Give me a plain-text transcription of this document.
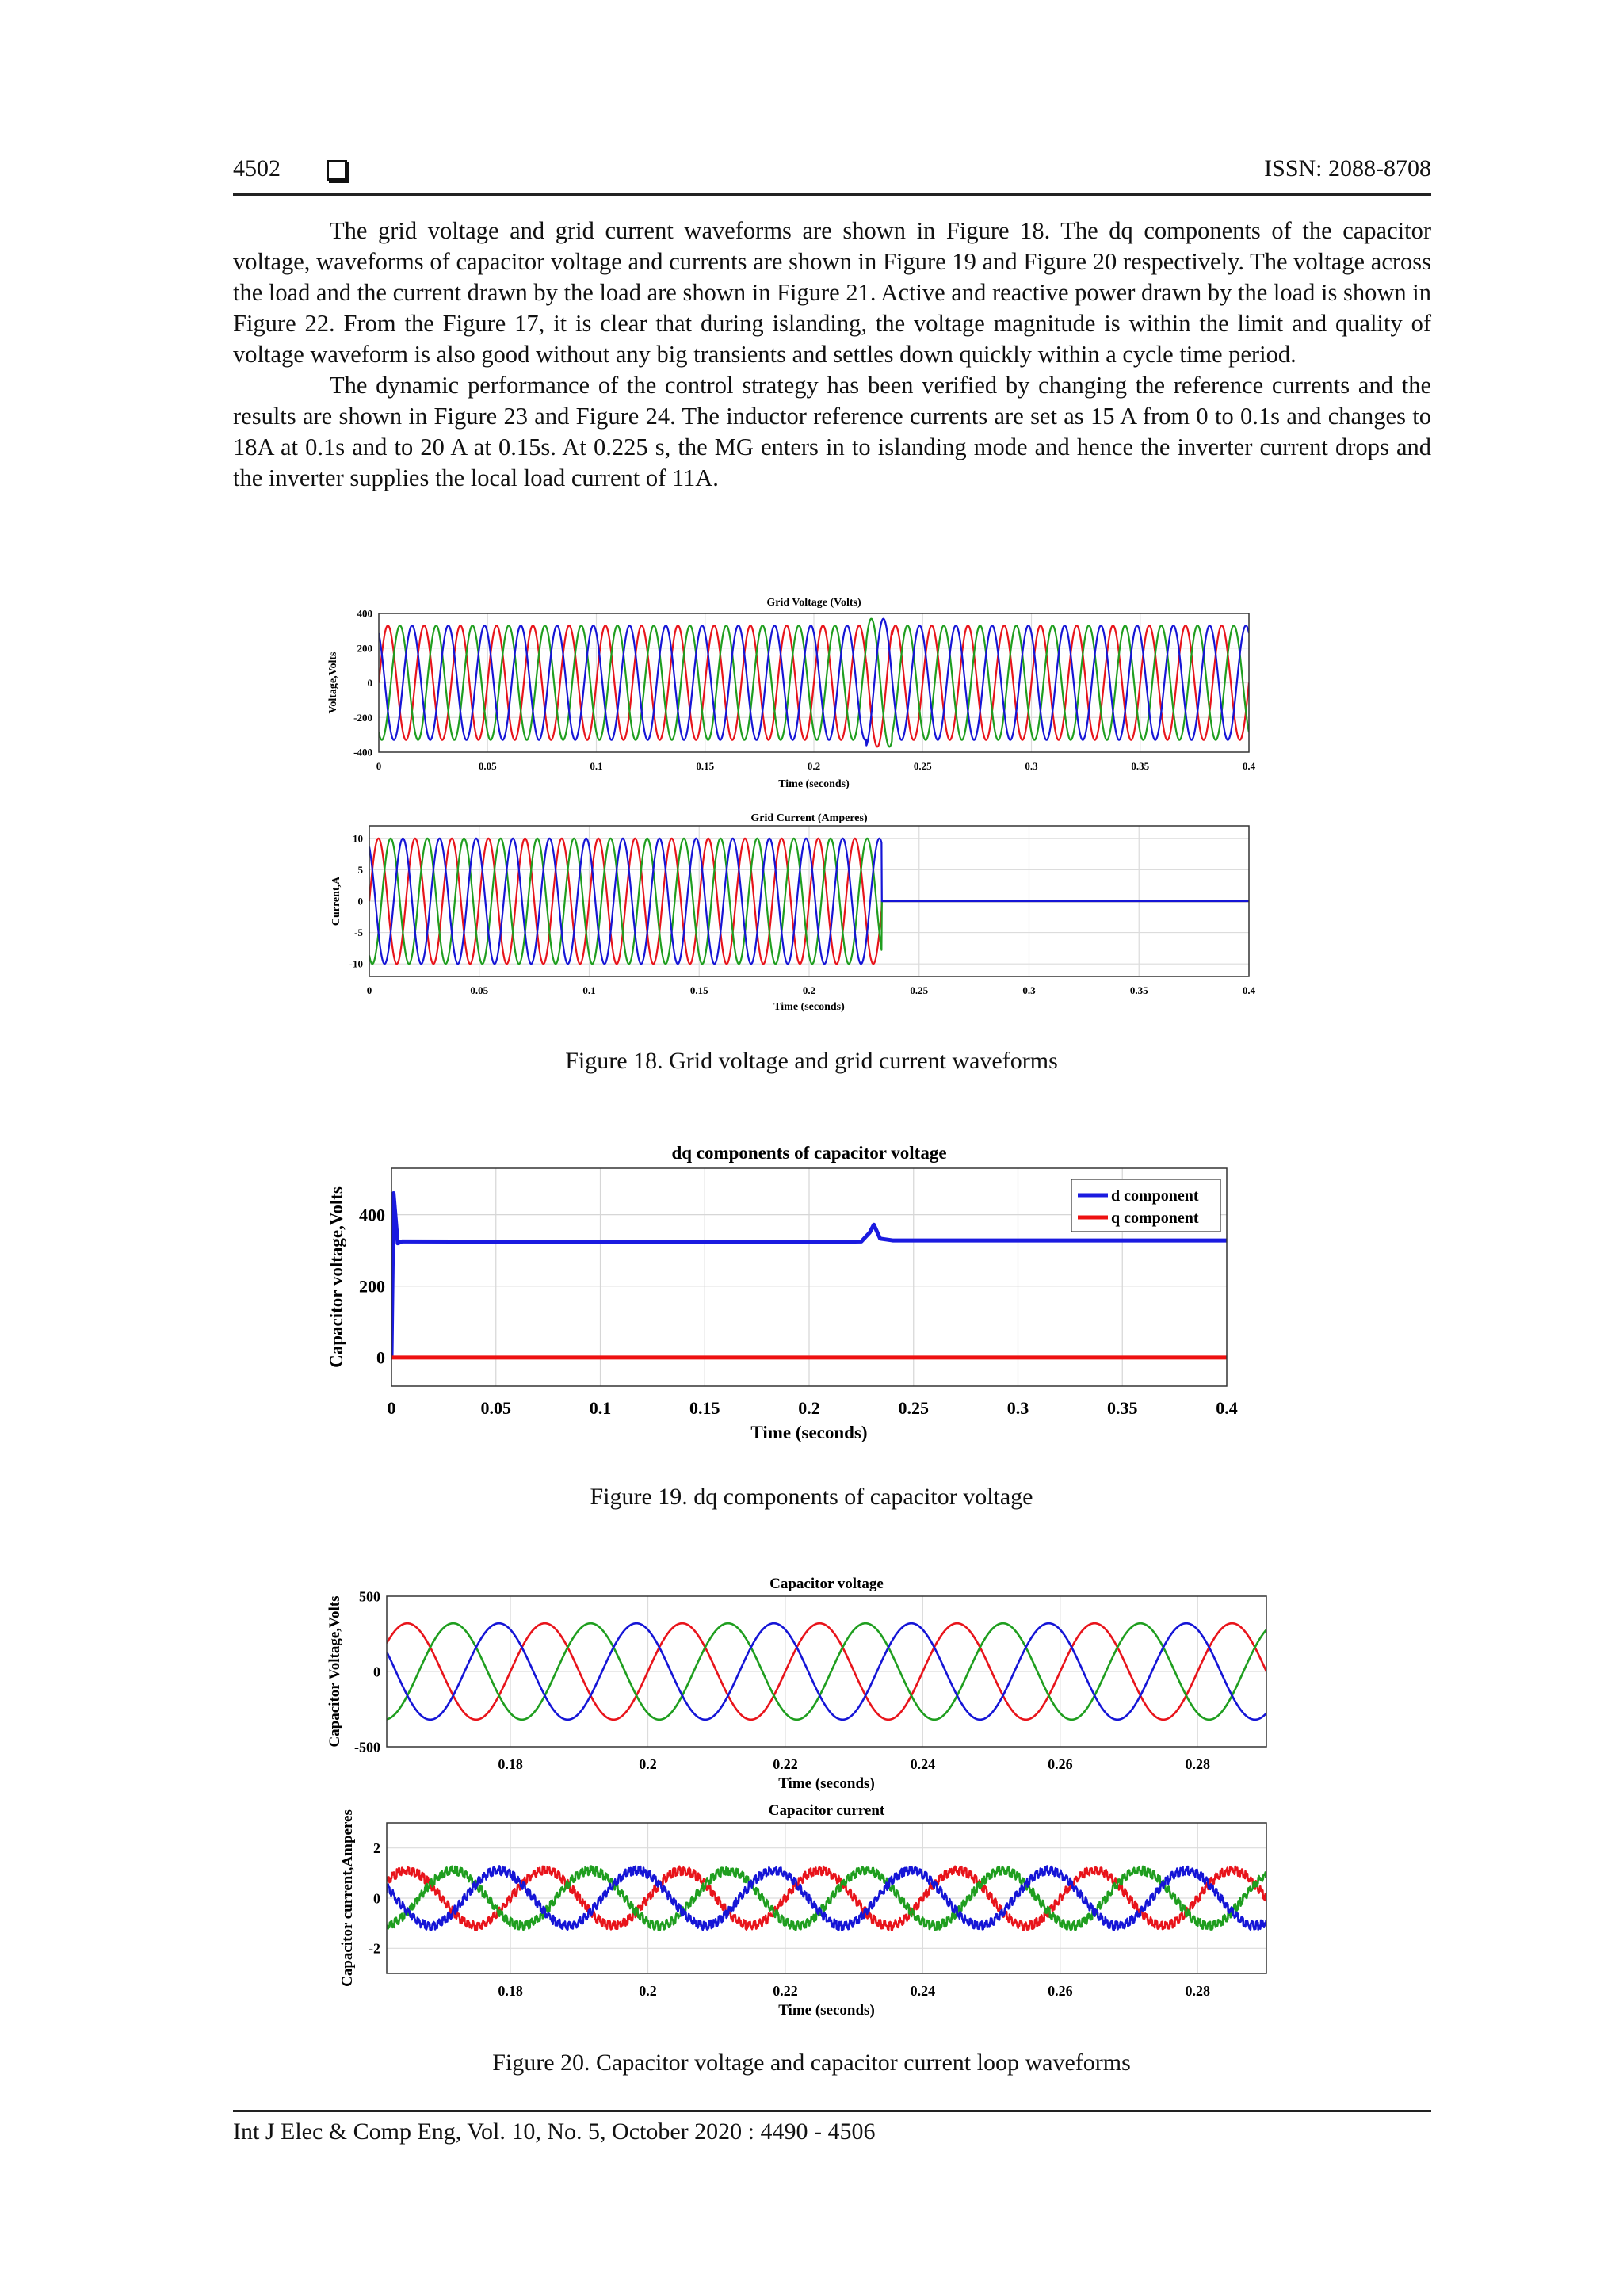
4502	ISSN: 2088-8708

The grid voltage and grid current waveforms are shown in Figure 18. The dq components of the capacitor voltage, waveforms of capacitor voltage and currents are shown in Figure 19 and Figure 20 respectively. The voltage across the load and the current drawn by the load are shown in Figure 21. Active and reactive power drawn by the load is shown in Figure 22. From the Figure 17, it is clear that during islanding, the voltage magnitude is within the limit and quality of voltage waveform is also good without any big transients and settles down quickly within a cycle time period.

The dynamic performance of the control strategy has been verified by changing the reference currents and the results are shown in Figure 23 and Figure 24. The inductor reference currents are set as 15 A from 0 to 0.1s and changes to 18A at 0.1s and to 20 A at 0.15s. At 0.225 s, the MG enters in to islanding mode and hence the inverter current drops and the inverter supplies the local load current of 11A.

0	0.05	0.1	0.15	0.2	0.25	0.3	0.35	0.4
400
200
0
-200
-400
Grid Voltage (Volts)
Time (seconds)
Voltage,Volts
0	0.05	0.1	0.15	0.2	0.25	0.3	0.35	0.4
10
5
0
-5
-10
Grid Current (Amperes)
Time (seconds)
Current,A
Figure 18. Grid voltage and grid current waveforms
0	0.05	0.1	0.15	0.2	0.25	0.3	0.35	0.4
400
200
0
dq components of capacitor voltage
Time (seconds)
Capacitor voltage,Volts	d component
q component
Figure 19. dq components of capacitor voltage
0.18	0.2	0.22	0.24	0.26	0.28
500
0
-500
Capacitor voltage
Time (seconds)
Capacitor Voltage,Volts
0.18	0.2	0.22	0.24	0.26	0.28
2
0
-2
Capacitor current
Time (seconds)
Capacitor current,Amperes
Figure 20. Capacitor voltage and capacitor current loop waveforms
Int J Elec & Comp Eng, Vol. 10, No. 5, October 2020 : 4490 - 4506
